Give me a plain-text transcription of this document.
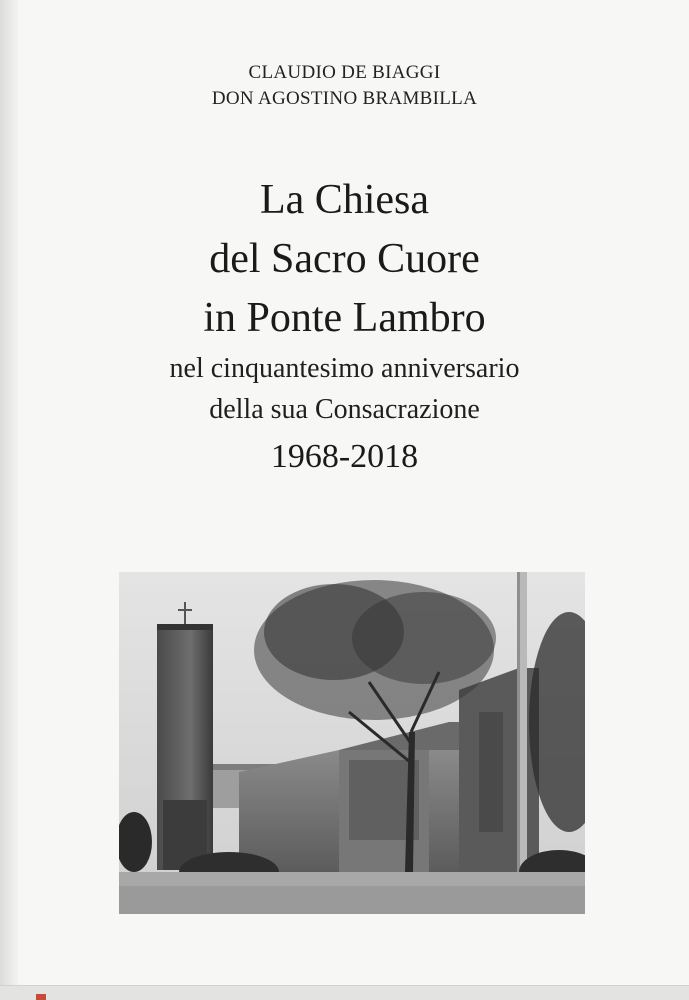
CLAUDIO DE BIAGGI
DON AGOSTINO BRAMBILLA
La Chiesa
del Sacro Cuore
in Ponte Lambro
nel cinquantesimo anniversario
della sua Consacrazione
1968-2018
